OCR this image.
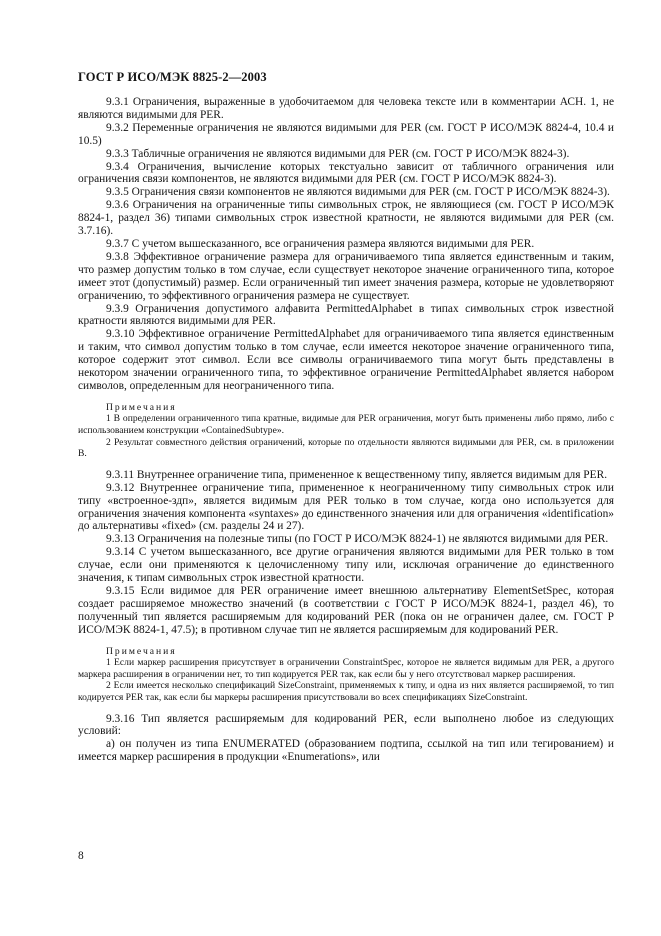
ГОСТ Р ИСО/МЭК 8825-2—2003

9.3.1 Ограничения, выраженные в удобочитаемом для человека тексте или в комментарии АСН. 1, не являются видимыми для PER.

9.3.2 Переменные ограничения не являются видимыми для PER (см. ГОСТ Р ИСО/МЭК 8824-4, 10.4 и 10.5)

9.3.3 Табличные ограничения не являются видимыми для PER (см. ГОСТ Р ИСО/МЭК 8824-3).

9.3.4 Ограничения, вычисление которых текстуально зависит от табличного ограничения или ограничения связи компонентов, не являются видимыми для PER (см. ГОСТ Р ИСО/МЭК 8824-3).

9.3.5 Ограничения связи компонентов не являются видимыми для PER (см. ГОСТ Р ИСО/МЭК 8824-3).

9.3.6 Ограничения на ограниченные типы символьных строк, не являющиеся (см. ГОСТ Р ИСО/МЭК 8824-1, раздел 36) типами символьных строк известной кратности, не являются видимыми для PER (см. 3.7.16).

9.3.7 С учетом вышесказанного, все ограничения размера являются видимыми для PER.

9.3.8 Эффективное ограничение размера для ограничиваемого типа является единственным и таким, что размер допустим только в том случае, если существует некоторое значение ограниченного типа, которое имеет этот (допустимый) размер. Если ограниченный тип имеет значения размера, которые не удовлетворяют ограничению, то эффективного ограничения размера не существует.

9.3.9 Ограничения допустимого алфавита PermittedAlphabet в типах символьных строк известной кратности являются видимыми для PER.

9.3.10 Эффективное ограничение PermittedAlphabet для ограничиваемого типа является единственным и таким, что символ допустим только в том случае, если имеется некоторое значение ограниченного типа, которое содержит этот символ. Если все символы ограничиваемого типа могут быть представлены в некотором значении ограниченного типа, то эффективное ограничение PermittedAlphabet является набором символов, определенным для неограниченного типа.

Примечания

1 В определении ограниченного типа кратные, видимые для PER ограничения, могут быть применены либо прямо, либо с использованием конструкции «ContainedSubtype».

2 Результат совместного действия ограничений, которые по отдельности являются видимыми для PER, см. в приложении B.

9.3.11 Внутреннее ограничение типа, примененное к вещественному типу, является видимым для PER.

9.3.12 Внутреннее ограничение типа, примененное к неограниченному типу символьных строк или типу «встроенное-здп», является видимым для PER только в том случае, когда оно используется для ограничения значения компонента «syntaxes» до единственного значения или для ограничения «identification» до альтернативы «fixed» (см. разделы 24 и 27).

9.3.13 Ограничения на полезные типы (по ГОСТ Р ИСО/МЭК 8824-1) не являются видимыми для PER.

9.3.14 С учетом вышесказанного, все другие ограничения являются видимыми для PER только в том случае, если они применяются к целочисленному типу или, исключая ограничение до единственного значения, к типам символьных строк известной кратности.

9.3.15 Если видимое для PER ограничение имеет внешнюю альтернативу ElementSetSpec, которая создает расширяемое множество значений (в соответствии с ГОСТ Р ИСО/МЭК 8824-1, раздел 46), то полученный тип является расширяемым для кодирований PER (пока он не ограничен далее, см. ГОСТ Р ИСО/МЭК 8824-1, 47.5); в противном случае тип не является расширяемым для кодирований PER.

Примечания

1 Если маркер расширения присутствует в ограничении ConstraintSpec, которое не является видимым для PER, а другого маркера расширения в ограничении нет, то тип кодируется PER так, как если бы у него отсутствовал маркер расширения.

2 Если имеется несколько спецификаций SizeConstraint, применяемых к типу, и одна из них является расширяемой, то тип кодируется PER так, как если бы маркеры расширения присутствовали во всех спецификациях SizeConstraint.

9.3.16 Тип является расширяемым для кодирований PER, если выполнено любое из следующих условий:

а) он получен из типа ENUMERATED (образованием подтипа, ссылкой на тип или тегированием) и имеется маркер расширения в продукции «Enumerations», или

8
